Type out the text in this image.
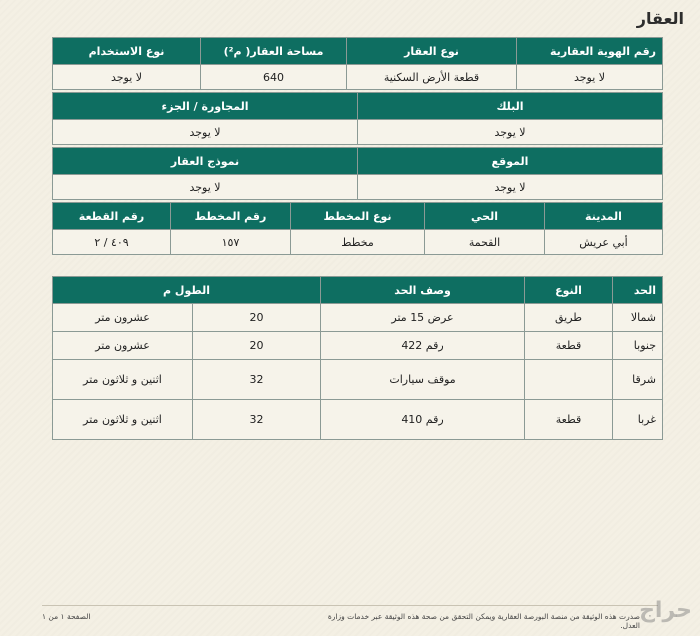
العقار
رقم الهوية العقارية	نوع العقار	مساحة العقار( م²)	نوع الاستخدام
لا يوجد	قطعة الأرض السكنية	640	لا يوجد
البلك	المجاورة / الجزء
لا يوجد	لا يوجد
الموقع	نموذج العقار
لا يوجد	لا يوجد
المدينة	الحي	نوع المخطط	رقم المخطط	رقم القطعة
أبي عريش	القحمة	مخطط	١٥٧	٤٠٩ / ٢
الحد	النوع	وصف الحد	الطول م	
شمالا	طريق	عرض 15 متر	20	عشرون متر
جنوبا	قطعة	رقم 422	20	عشرون متر
شرقا		موقف سيارات	32	اثنين و ثلاثون متر
غربا	قطعة	رقم 410	32	اثنين و ثلاثون متر
صدرت هذه الوثيقة من منصة البورصة العقارية ويمكن التحقق من صحة هذه الوثيقة عبر خدمات وزارة العدل.
الصفحة ١ من ١	حراج
